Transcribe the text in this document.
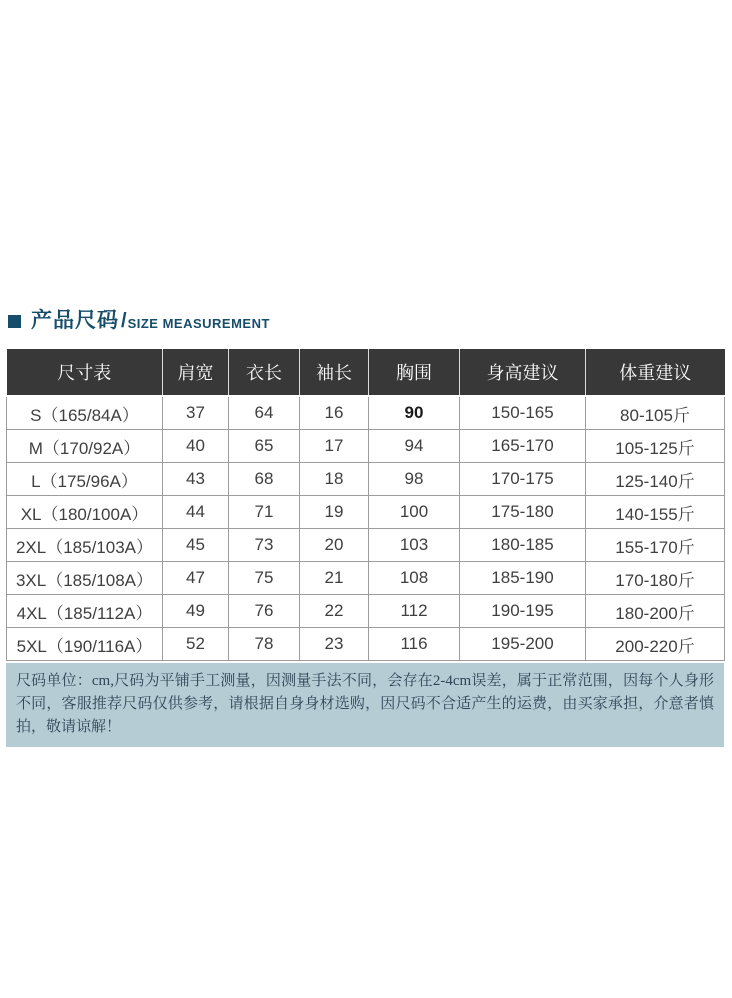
产品尺码 / SIZE MEASUREMENT
尺寸表	肩宽	衣长	袖长	胸围	身高建议	体重建议
S（165/84A）	37	64	16	90	150-165	80-105斤
M（170/92A）	40	65	17	94	165-170	105-125斤
L（175/96A）	43	68	18	98	170-175	125-140斤
XL（180/100A）	44	71	19	100	175-180	140-155斤
2XL（185/103A）	45	73	20	103	180-185	155-170斤
3XL（185/108A）	47	75	21	108	185-190	170-180斤
4XL（185/112A）	49	76	22	112	190-195	180-200斤
5XL（190/116A）	52	78	23	116	195-200	200-220斤
尺码单位：cm,尺码为平铺手工测量，因测量手法不同，会存在2-4cm误差，属于正常范围，因每个人身形不同，客服推荐尺码仅供参考，请根据自身身材选购，因尺码不合适产生的运费，由买家承担，介意者慎拍，敬请谅解！
